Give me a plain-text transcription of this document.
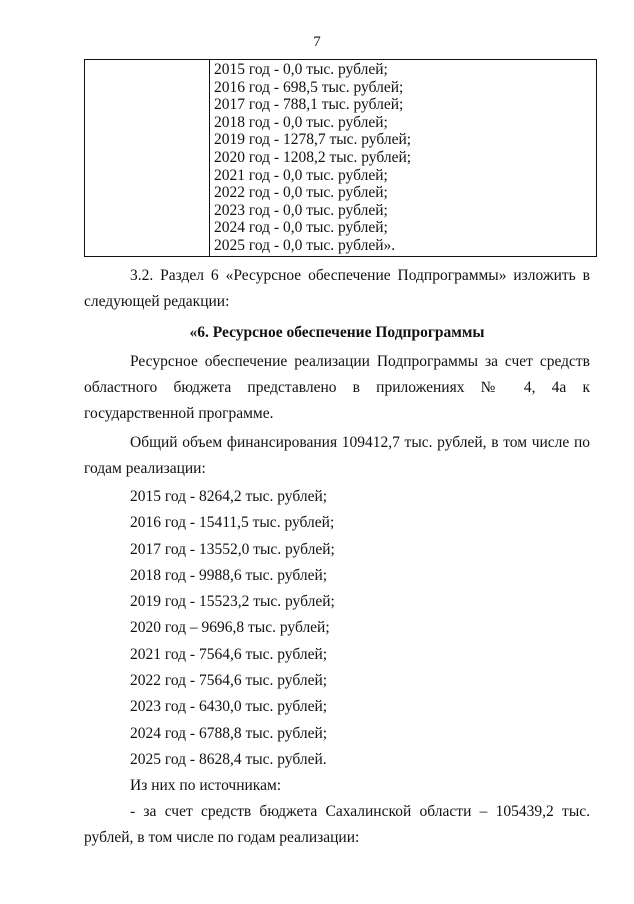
7

2015 год - 0,0 тыс. рублей;
2016 год - 698,5 тыс. рублей;
2017 год - 788,1 тыс. рублей;
2018 год - 0,0 тыс. рублей;
2019 год - 1278,7 тыс. рублей;
2020 год - 1208,2 тыс. рублей;
2021 год - 0,0 тыс. рублей;
2022 год - 0,0 тыс. рублей;
2023 год - 0,0 тыс. рублей;
2024 год - 0,0 тыс. рублей;
2025 год - 0,0 тыс. рублей».

3.2. Раздел 6 «Ресурсное обеспечение Подпрограммы» изложить в следующей редакции:

«6. Ресурсное обеспечение Подпрограммы

Ресурсное обеспечение реализации Подпрограммы за счет средств областного бюджета представлено в приложениях № 4, 4а к государственной программе.

Общий объем финансирования 109412,7 тыс. рублей, в том числе по годам реализации:

2015 год - 8264,2 тыс. рублей;
2016 год - 15411,5 тыс. рублей;
2017 год - 13552,0 тыс. рублей;
2018 год - 9988,6 тыс. рублей;
2019 год - 15523,2 тыс. рублей;
2020 год – 9696,8 тыс. рублей;
2021 год - 7564,6 тыс. рублей;
2022 год - 7564,6 тыс. рублей;
2023 год - 6430,0 тыс. рублей;
2024 год - 6788,8 тыс. рублей;
2025 год - 8628,4 тыс. рублей.

Из них по источникам:

- за счет средств бюджета Сахалинской области – 105439,2 тыс. рублей, в том числе по годам реализации:
